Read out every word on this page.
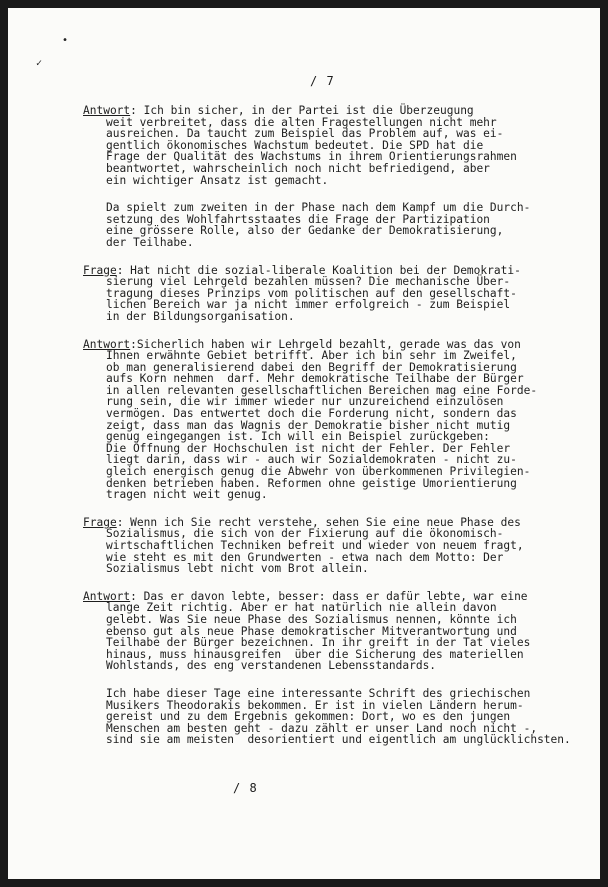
•
✓
/ 7
Antwort: Ich bin sicher, in der Partei ist die Überzeugung
weit verbreitet, dass die alten Fragestellungen nicht mehr
ausreichen. Da taucht zum Beispiel das Problem auf, was ei-
gentlich ökonomisches Wachstum bedeutet. Die SPD hat die
Frage der Qualität des Wachstums in ihrem Orientierungsrahmen
beantwortet, wahrscheinlich noch nicht befriedigend, aber
ein wichtiger Ansatz ist gemacht.
Da spielt zum zweiten in der Phase nach dem Kampf um die Durch-
setzung des Wohlfahrtsstaates die Frage der Partizipation
eine grössere Rolle, also der Gedanke der Demokratisierung,
der Teilhabe.
Frage: Hat nicht die sozial-liberale Koalition bei der Demokrati-
sierung viel Lehrgeld bezahlen müssen? Die mechanische Über-
tragung dieses Prinzips vom politischen auf den gesellschaft-
lichen Bereich war ja nicht immer erfolgreich - zum Beispiel
in der Bildungsorganisation.
Antwort:Sicherlich haben wir Lehrgeld bezahlt, gerade was das von
Ihnen erwähnte Gebiet betrifft. Aber ich bin sehr im Zweifel,
ob man generalisierend dabei den Begriff der Demokratisierung
aufs Korn nehmen  darf. Mehr demokratische Teilhabe der Bürger
in allen relevanten gesellschaftlichen Bereichen mag eine Forde-
rung sein, die wir immer wieder nur unzureichend einzulösen
vermögen. Das entwertet doch die Forderung nicht, sondern das
zeigt, dass man das Wagnis der Demokratie bisher nicht mutig
genug eingegangen ist. Ich will ein Beispiel zurückgeben:
Die Öffnung der Hochschulen ist nicht der Fehler. Der Fehler
liegt darin, dass wir - auch wir Sozialdemokraten - nicht zu-
gleich energisch genug die Abwehr von überkommenen Privilegien-
denken betrieben haben. Reformen ohne geistige Umorientierung
tragen nicht weit genug.
Frage: Wenn ich Sie recht verstehe, sehen Sie eine neue Phase des
Sozialismus, die sich von der Fixierung auf die ökonomisch-
wirtschaftlichen Techniken befreit und wieder von neuem fragt,
wie steht es mit den Grundwerten - etwa nach dem Motto: Der
Sozialismus lebt nicht vom Brot allein.
Antwort: Das er davon lebte, besser: dass er dafür lebte, war eine
lange Zeit richtig. Aber er hat natürlich nie allein davon
gelebt. Was Sie neue Phase des Sozialismus nennen, könnte ich
ebenso gut als neue Phase demokratischer Mitverantwortung und
Teilhabe der Bürger bezeichnen. In ihr greift in der Tat vieles
hinaus, muss hinausgreifen  über die Sicherung des materiellen
Wohlstands, des eng verstandenen Lebensstandards.
Ich habe dieser Tage eine interessante Schrift des griechischen
Musikers Theodorakis bekommen. Er ist in vielen Ländern herum-
gereist und zu dem Ergebnis gekommen: Dort, wo es den jungen
Menschen am besten geht - dazu zählt er unser Land noch nicht -,
sind sie am meisten  desorientiert und eigentlich am unglücklichsten.
/ 8
